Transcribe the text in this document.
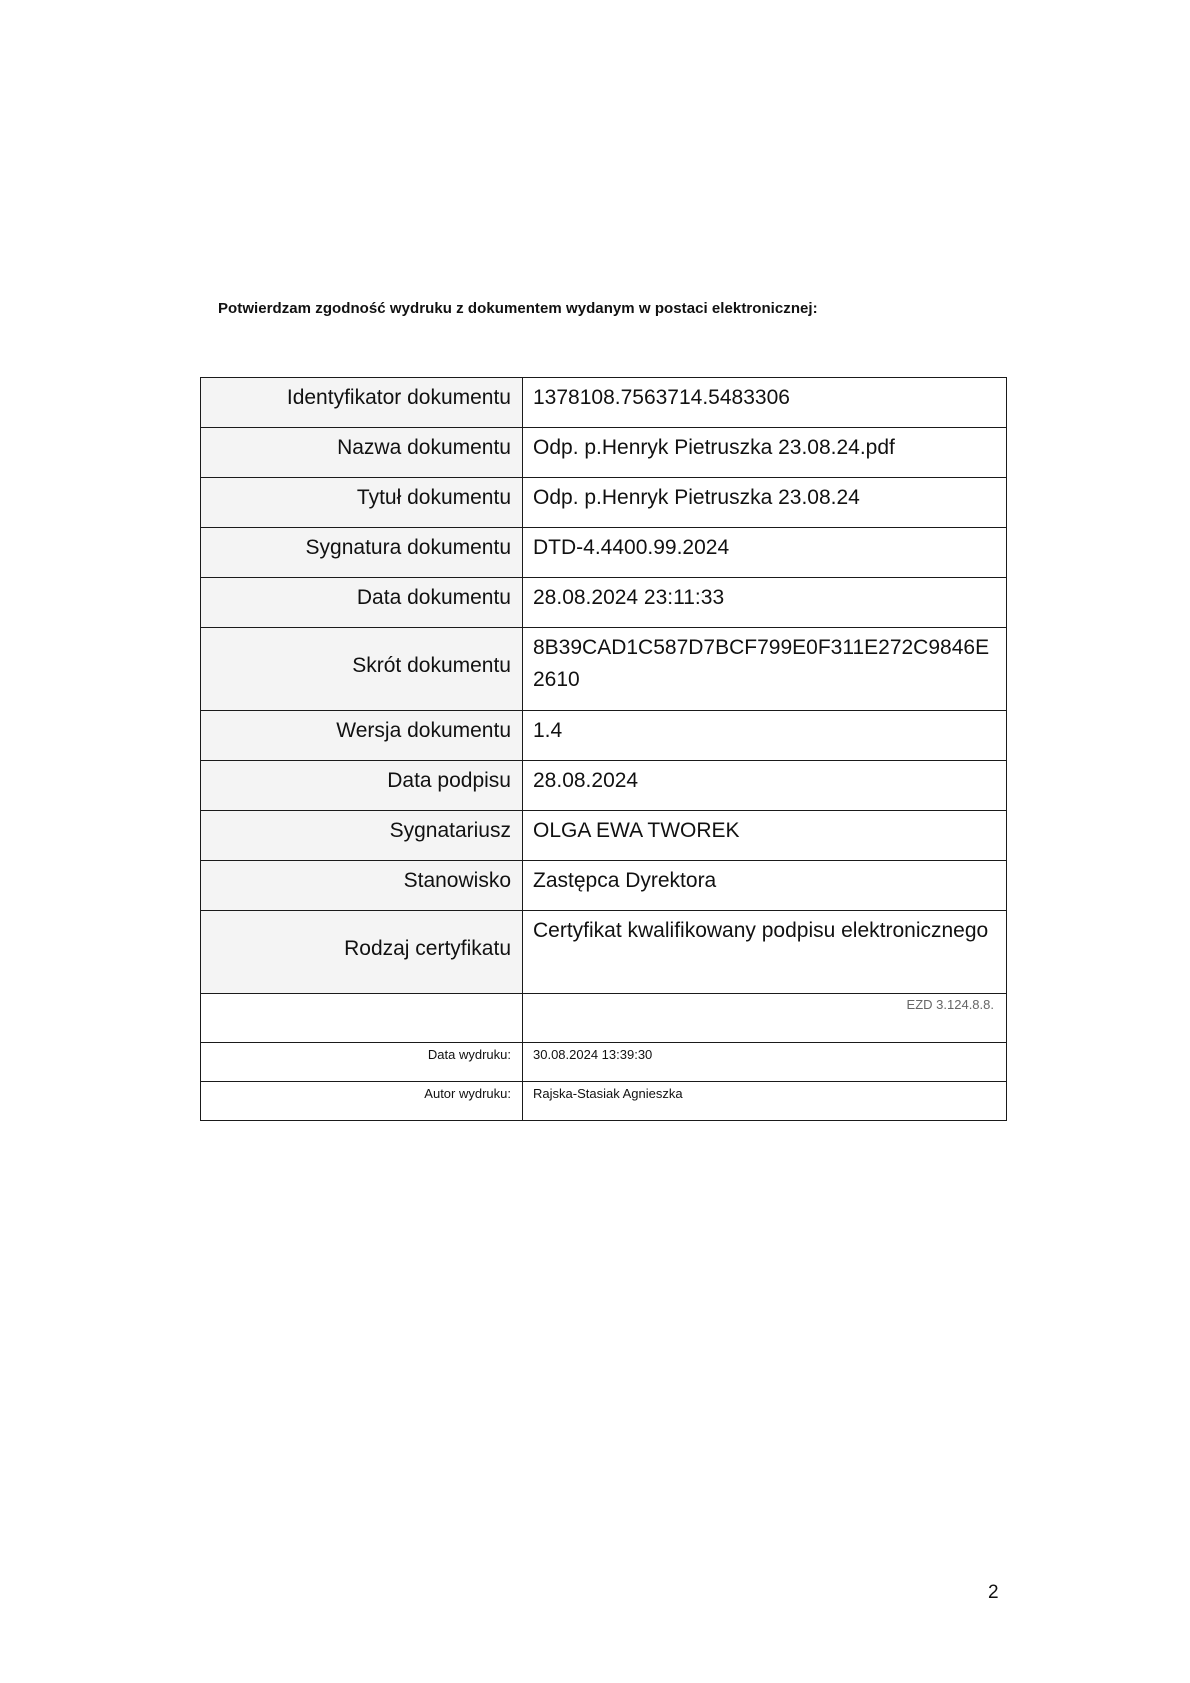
Potwierdzam zgodność wydruku z dokumentem wydanym w postaci elektronicznej:
Identyfikator dokumentu	1378108.7563714.5483306
Nazwa dokumentu	Odp. p.Henryk Pietruszka 23.08.24.pdf
Tytuł dokumentu	Odp. p.Henryk Pietruszka 23.08.24
Sygnatura dokumentu	DTD-4.4400.99.2024
Data dokumentu	28.08.2024 23:11:33
Skrót dokumentu	8B39CAD1C587D7BCF799E0F311E272C9846E2610
Wersja dokumentu	1.4
Data podpisu	28.08.2024
Sygnatariusz	OLGA EWA TWOREK
Stanowisko	Zastępca Dyrektora
Rodzaj certyfikatu	Certyfikat kwalifikowany podpisu elektronicznego
	EZD 3.124.8.8.
Data wydruku:	30.08.2024 13:39:30
Autor wydruku:	Rajska-Stasiak Agnieszka
2
